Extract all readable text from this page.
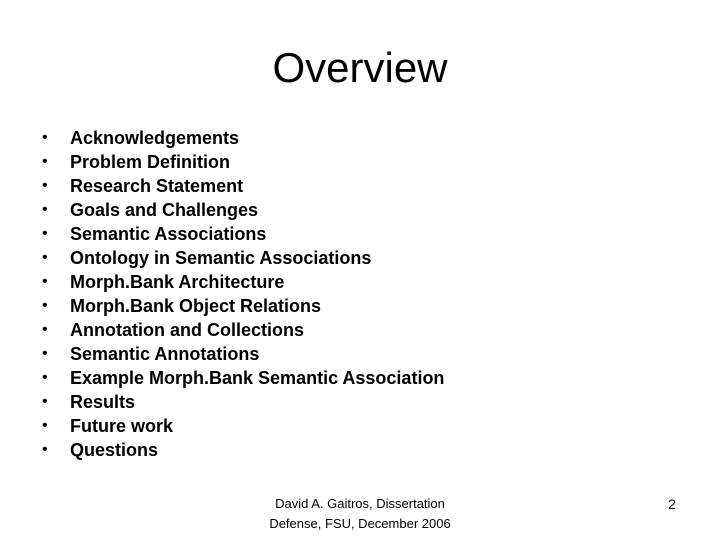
Overview
•	Acknowledgements
•	Problem Definition
•	Research Statement
•	Goals and Challenges
•	Semantic Associations
•	Ontology in Semantic Associations
•	Morph.Bank Architecture
•	Morph.Bank Object Relations
•	Annotation and Collections
•	Semantic Annotations
•	Example Morph.Bank Semantic Association
•	Results
•	Future work
•	Questions
David A. Gaitros, Dissertation
Defense, FSU, December 2006
2
